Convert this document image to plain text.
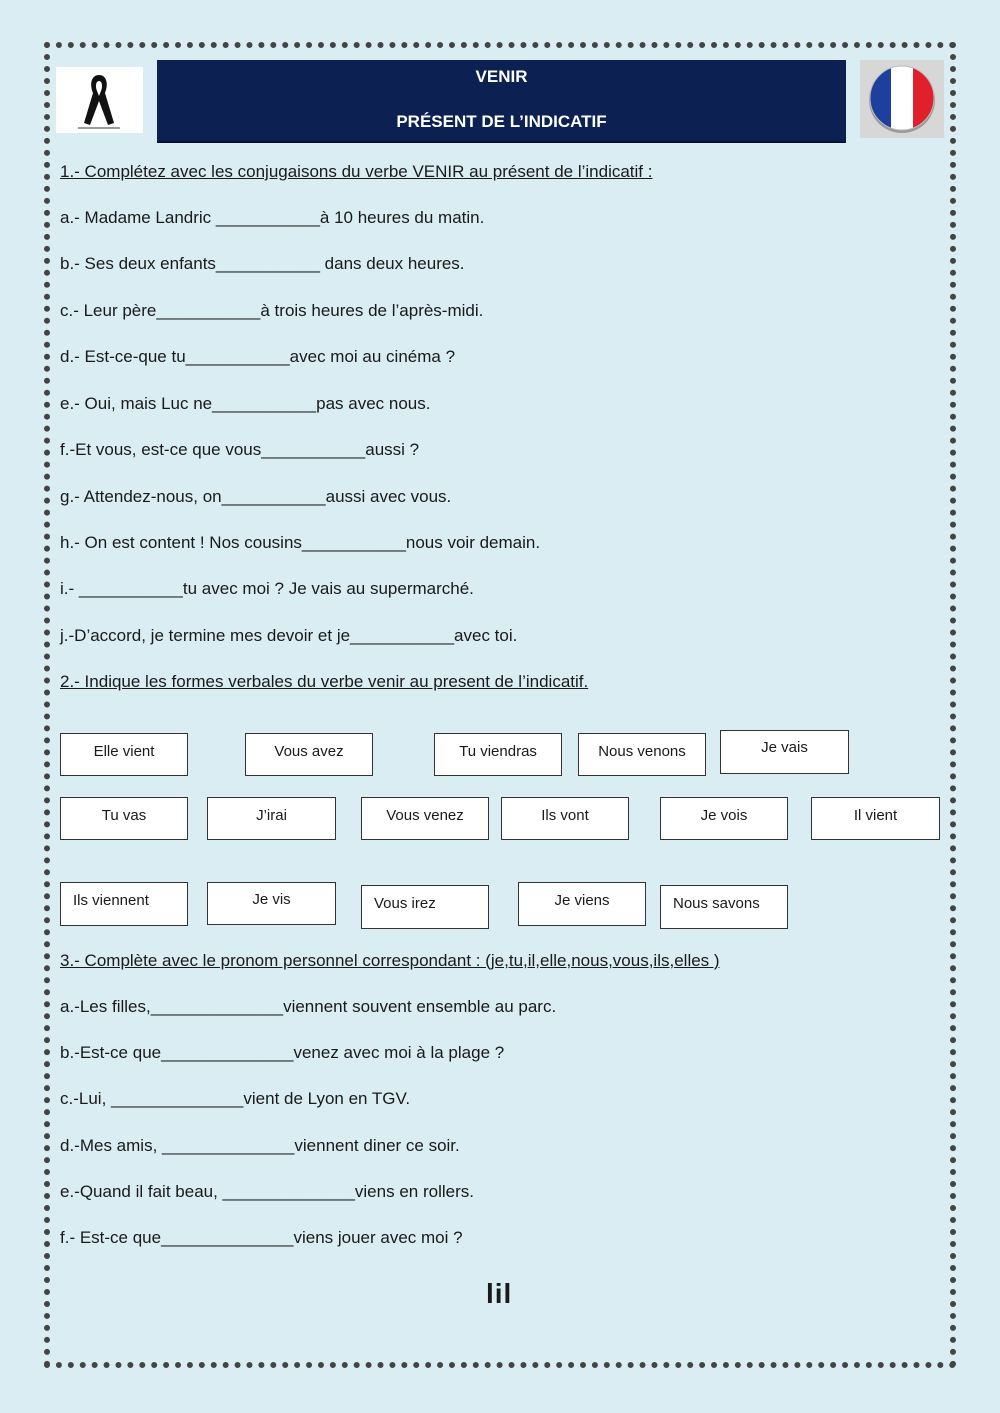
VENIR
PRÉSENT DE L’INDICATIF
1.- Complétez avec les conjugaisons du verbe VENIR au présent de l’indicatif :
a.- Madame Landric ___________à 10 heures du matin.
b.- Ses deux enfants___________ dans deux heures.
c.- Leur père___________à trois heures de l’après-midi.
d.- Est-ce-que tu___________avec moi au cinéma ?
e.- Oui, mais Luc ne___________pas avec nous.
f.-Et vous, est-ce que vous___________aussi ?
g.- Attendez-nous, on___________aussi avec vous.
h.- On est content ! Nos cousins___________nous voir demain.
i.- ___________tu avec moi ? Je vais au supermarché.
j.-D’accord, je termine mes devoir et je___________avec toi.
2.- Indique les formes verbales du verbe venir au present de l’indicatif.
Elle vient	Vous avez	Tu viendras	Nous venons	Je vais
Tu vas	J’irai	Vous venez	Ils vont	Je vois	Il vient
Ils viennent	Je vis	Vous irez	Je viens	Nous savons
3.- Complète avec le pronom personnel correspondant : (je,tu,il,elle,nous,vous,ils,elles )
a.-Les filles,______________viennent souvent ensemble au parc.
b.-Est-ce que______________venez avec moi à la plage ?
c.-Lui, ______________vient de Lyon en TGV.
d.-Mes amis, ______________viennent diner ce soir.
e.-Quand il fait beau, ______________viens en rollers.
f.- Est-ce que______________viens jouer avec moi ?
lil
